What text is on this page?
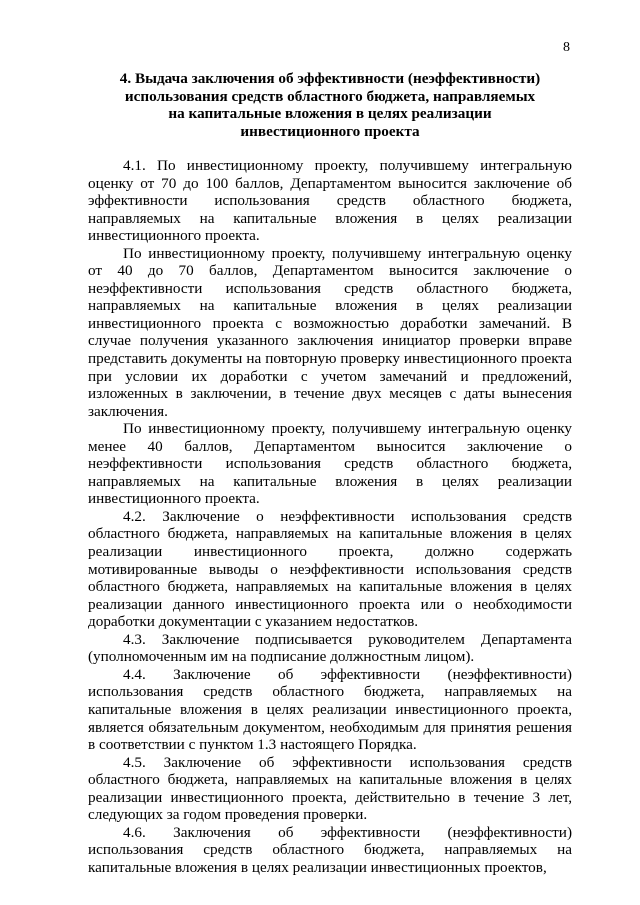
8
4. Выдача заключения об эффективности (неэффективности)
использования средств областного бюджета, направляемых
на капитальные вложения в целях реализации
инвестиционного проекта

4.1. По инвестиционному проекту, получившему интегральную оценку от 70 до 100 баллов, Департаментом выносится заключение об эффективности использования средств областного бюджета, направляемых на капитальные вложения в целях реализации инвестиционного проекта.

По инвестиционному проекту, получившему интегральную оценку от 40 до 70 баллов, Департаментом выносится заключение о неэффективности использования средств областного бюджета, направляемых на капитальные вложения в целях реализации инвестиционного проекта с возможностью доработки замечаний. В случае получения указанного заключения инициатор проверки вправе представить документы на повторную проверку инвестиционного проекта при условии их доработки с учетом замечаний и предложений, изложенных в заключении, в течение двух месяцев с даты вынесения заключения.

По инвестиционному проекту, получившему интегральную оценку менее 40 баллов, Департаментом выносится заключение о неэффективности использования средств областного бюджета, направляемых на капитальные вложения в целях реализации инвестиционного проекта.

4.2. Заключение о неэффективности использования средств областного бюджета, направляемых на капитальные вложения в целях реализации инвестиционного проекта, должно содержать мотивированные выводы о неэффективности использования средств областного бюджета, направляемых на капитальные вложения в целях реализации данного инвестиционного проекта или о необходимости доработки документации с указанием недостатков.

4.3. Заключение подписывается руководителем Департамента (уполномоченным им на подписание должностным лицом).

4.4. Заключение об эффективности (неэффективности) использования средств областного бюджета, направляемых на капитальные вложения в целях реализации инвестиционного проекта, является обязательным документом, необходимым для принятия решения в соответствии с пунктом 1.3 настоящего Порядка.

4.5. Заключение об эффективности использования средств областного бюджета, направляемых на капитальные вложения в целях реализации инвестиционного проекта, действительно в течение 3 лет, следующих за годом проведения проверки.

4.6. Заключения об эффективности (неэффективности) использования средств областного бюджета, направляемых на капитальные вложения в целях реализации инвестиционных проектов,
